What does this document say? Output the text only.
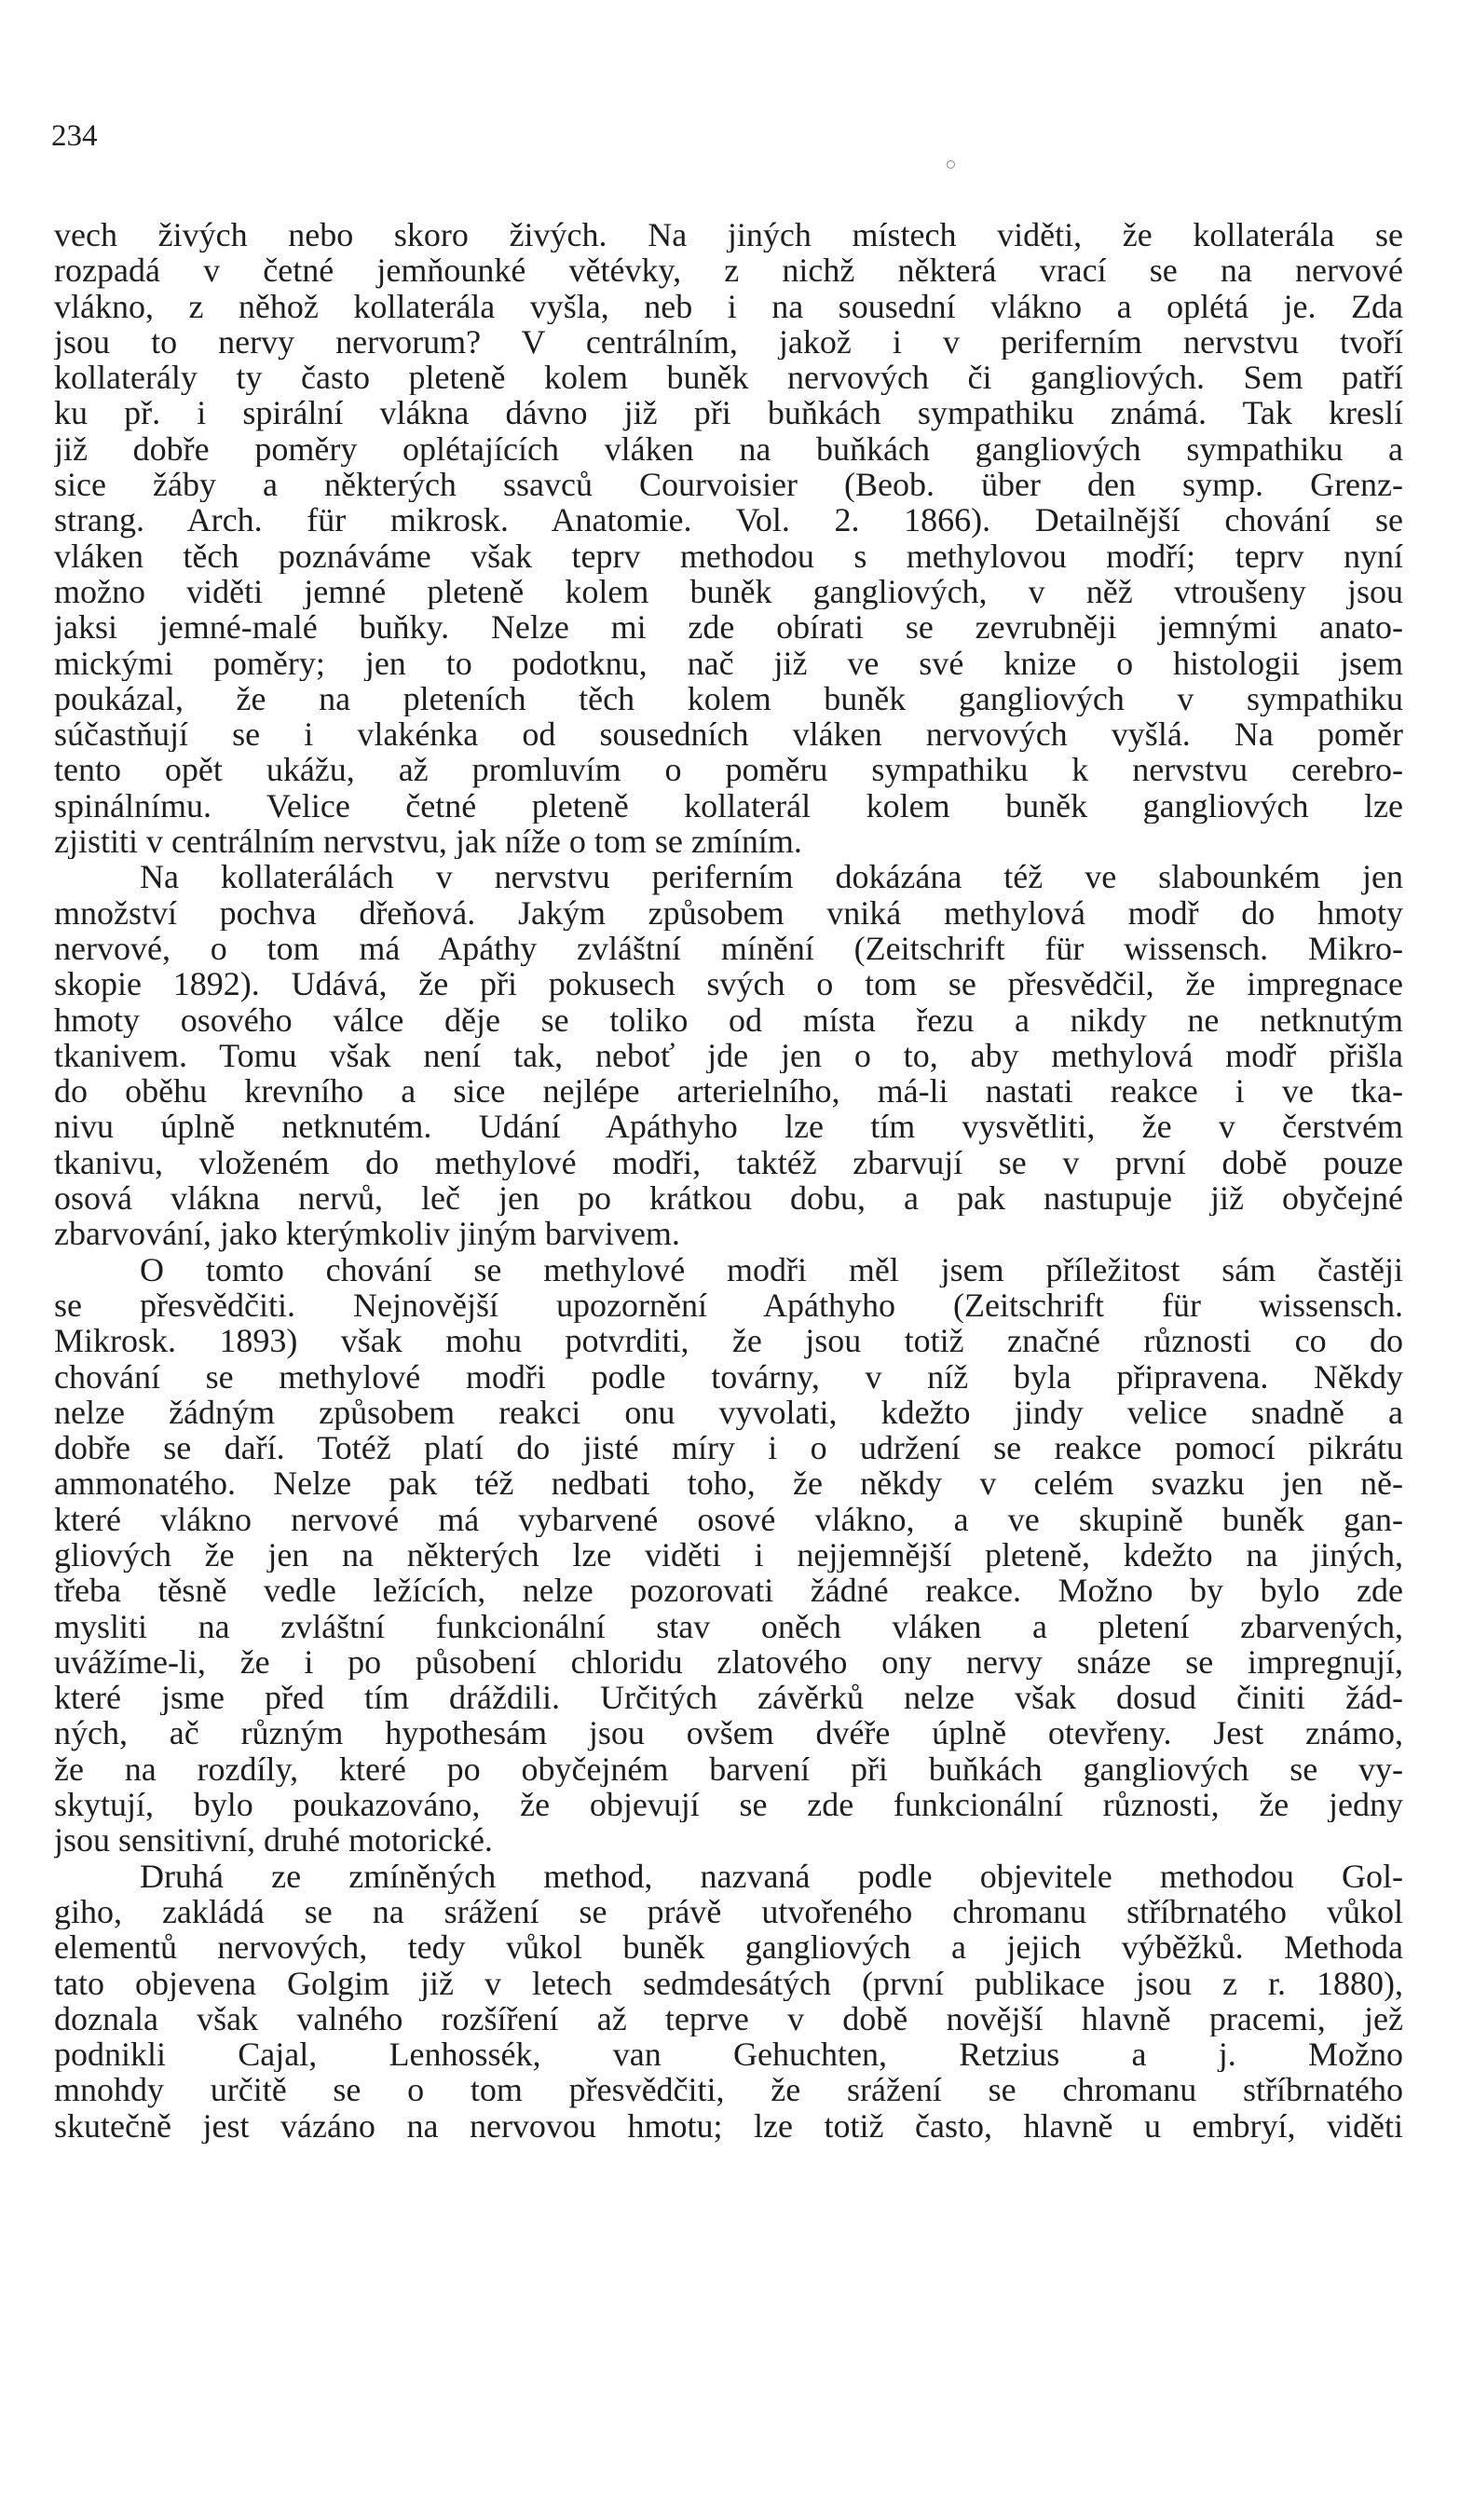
234
vech živých nebo skoro živých. Na jiných místech viděti, že kollaterála se
rozpadá v četné jemňounké větévky, z nichž některá vrací se na nervové
vlákno, z něhož kollaterála vyšla, neb i na sousední vlákno a oplétá je. Zda
jsou to nervy nervorum? V centrálním, jakož i v periferním nervstvu tvoří
kollaterály ty často pleteně kolem buněk nervových či gangliových. Sem patří
ku př. i spirální vlákna dávno již při buňkách sympathiku známá. Tak kreslí
již dobře poměry oplétajících vláken na buňkách gangliových sympathiku a
sice žáby a některých ssavců Courvoisier (Beob. über den symp. Grenz-
strang. Arch. für mikrosk. Anatomie. Vol. 2. 1866). Detailnější chování se
vláken těch poznáváme však teprv methodou s methylovou modří; teprv nyní
možno viděti jemné pleteně kolem buněk gangliových, v něž vtroušeny jsou
jaksi jemné-malé buňky. Nelze mi zde obírati se zevrubněji jemnými anato-
mickými poměry; jen to podotknu, nač již ve své knize o histologii jsem
poukázal, že na pleteních těch kolem buněk gangliových v sympathiku
súčastňují se i vlakénka od sousedních vláken nervových vyšlá. Na poměr
tento opět ukážu, až promluvím o poměru sympathiku k nervstvu cerebro-
spinálnímu. Velice četné pleteně kollaterál kolem buněk gangliových lze
zjistiti v centrálním nervstvu, jak níže o tom se zmíním.
Na kollaterálách v nervstvu periferním dokázána též ve slabounkém jen
množství pochva dřeňová. Jakým způsobem vniká methylová modř do hmoty
nervové, o tom má Apáthy zvláštní mínění (Zeitschrift für wissensch. Mikro-
skopie 1892). Udává, že při pokusech svých o tom se přesvědčil, že impregnace
hmoty osového válce děje se toliko od místa řezu a nikdy ne netknutým
tkanivem. Tomu však není tak, neboť jde jen o to, aby methylová modř přišla
do oběhu krevního a sice nejlépe arterielního, má-li nastati reakce i ve tka-
nivu úplně netknutém. Udání Apáthyho lze tím vysvětliti, že v čerstvém
tkanivu, vloženém do methylové modři, taktéž zbarvují se v první době pouze
osová vlákna nervů, leč jen po krátkou dobu, a pak nastupuje již obyčejné
zbarvování, jako kterýmkoliv jiným barvivem.
O tomto chování se methylové modři měl jsem příležitost sám častěji
se přesvědčiti. Nejnovější upozornění Apáthyho (Zeitschrift für wissensch.
Mikrosk. 1893) však mohu potvrditi, že jsou totiž značné různosti co do
chování se methylové modři podle továrny, v níž byla připravena. Někdy
nelze žádným způsobem reakci onu vyvolati, kdežto jindy velice snadně a
dobře se daří. Totéž platí do jisté míry i o udržení se reakce pomocí pikrátu
ammonatého. Nelze pak též nedbati toho, že někdy v celém svazku jen ně-
které vlákno nervové má vybarvené osové vlákno, a ve skupině buněk gan-
gliových že jen na některých lze viděti i nejjemnější pleteně, kdežto na jiných,
třeba těsně vedle ležících, nelze pozorovati žádné reakce. Možno by bylo zde
mysliti na zvláštní funkcionální stav oněch vláken a pletení zbarvených,
uvážíme-li, že i po působení chloridu zlatového ony nervy snáze se impregnují,
které jsme před tím dráždili. Určitých závěrků nelze však dosud činiti žád-
ných, ač různým hypothesám jsou ovšem dvéře úplně otevřeny. Jest známo,
že na rozdíly, které po obyčejném barvení při buňkách gangliových se vy-
skytují, bylo poukazováno, že objevují se zde funkcionální různosti, že jedny
jsou sensitivní, druhé motorické.
Druhá ze zmíněných method, nazvaná podle objevitele methodou Gol-
giho, zakládá se na srážení se právě utvořeného chromanu stříbrnatého vůkol
elementů nervových, tedy vůkol buněk gangliových a jejich výběžků. Methoda
tato objevena Golgim již v letech sedmdesátých (první publikace jsou z r. 1880),
doznala však valného rozšíření až teprve v době novější hlavně pracemi, jež
podnikli Cajal, Lenhossék, van Gehuchten, Retzius a j. Možno
mnohdy určitě se o tom přesvědčiti, že srážení se chromanu stříbrnatého
skutečně jest vázáno na nervovou hmotu; lze totiž často, hlavně u embryí, viděti
